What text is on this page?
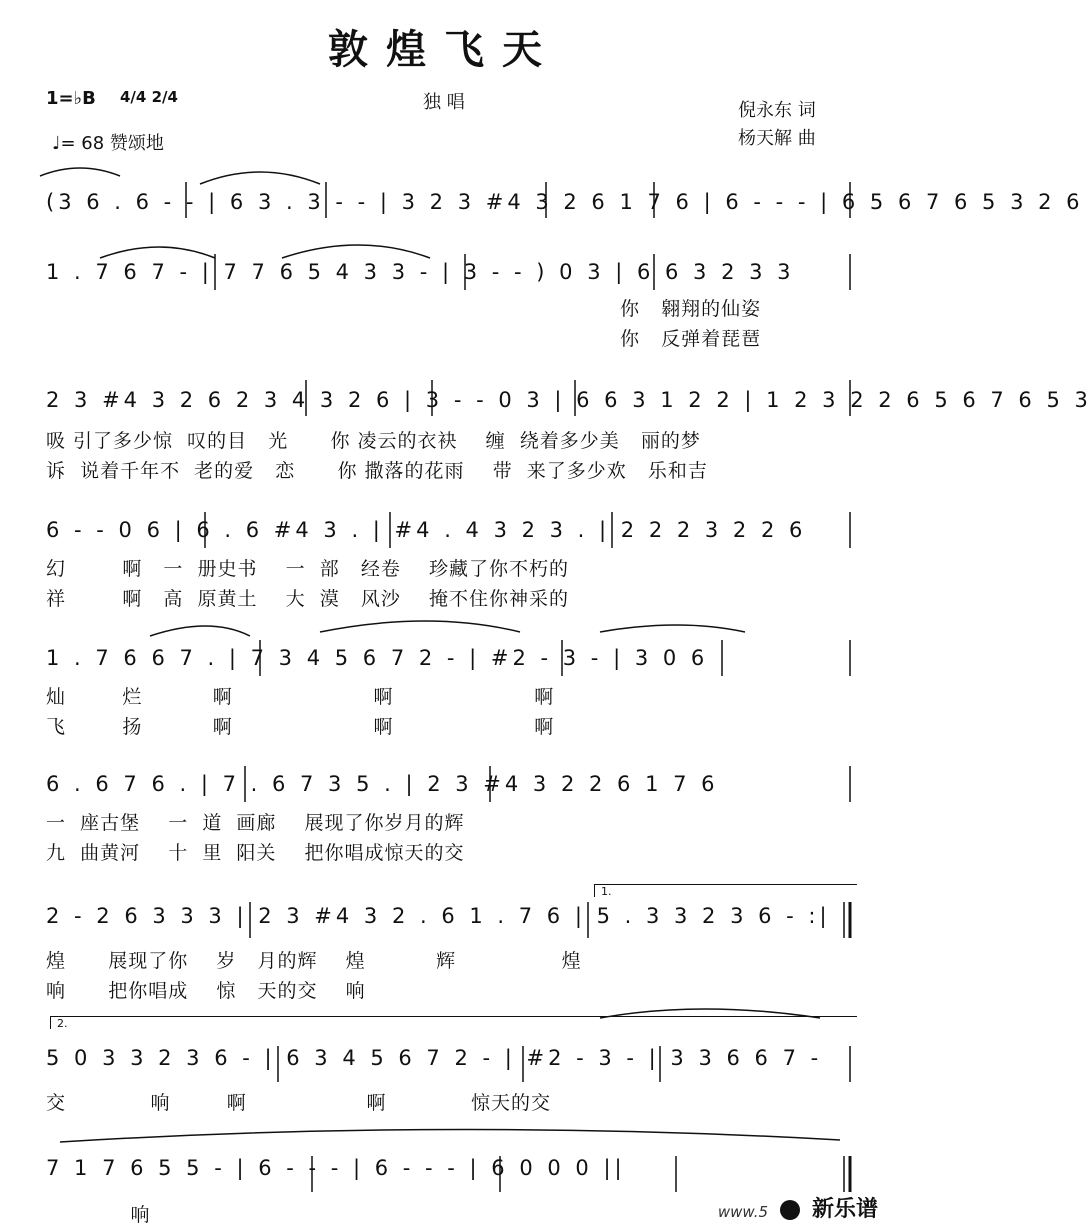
敦煌飞天
1=♭B 4/4 2/4	独 唱	倪永东 词
杨天解 曲
♩= 68 赞颂地
(3 6 . 6 - - | 6 3 . 3 - - | 3 2 3 #4 3 2 6 1 7 6 | 6 - - - | 6 5 6 7 6 5 3 2 6
1 . 7 6 7 - | 7 7 6 5 4 3 3 - | 3 - - ) 0 3 | 6 6 3 2 3 3
你   翱翔的仙姿
你   反弹着琵琶
2 3 #4 3 2 6 2 3 4 3 2 6 | 3 - - 0 3 | 6 6 3 1 2 2 | 1 2 3 2 2 6 5 6 7 6 5 3
吸 引了多少惊  叹的目   光      你 凌云的衣袂    缠  绕着多少美   丽的梦
诉  说着千年不  老的爱   恋      你 撒落的花雨    带  来了多少欢   乐和吉
6 - - 0 6 | 6 . 6 #4 3 . | #4 . 4 3 2 3 . | 2 2 2 3 2 2 6
幻        啊   一  册史书    一  部   经卷    珍藏了你不朽的
祥        啊   高  原黄土    大  漠   风沙    掩不住你神采的
1 . 7 6 6 7 . | 7 3 4 5 6 7 2 - | #2 - 3 - | 3 0 6
灿        烂          啊                    啊                    啊
飞        扬          啊                    啊                    啊
6 . 6 7 6 . | 7 . 6 7 3 5 . | 2 3 #4 3 2 2 6 1 7 6
一  座古堡    一  道  画廊    展现了你岁月的辉
九  曲黄河    十  里  阳关    把你唱成惊天的交
1.
2 - 2 6 3 3 3 | 2 3 #4 3 2 . 6 1 . 7 6 | 5 . 3 3 2 3 6 - :|
煌      展现了你    岁   月的辉    煌          辉               煌
响      把你唱成    惊   天的交    响
2.
5 0 3 3 2 3 6 - | 6 3 4 5 6 7 2 - | #2 - 3 - | 3 3 6 6 7 -
交            响        啊                 啊            惊天的交
7 1 7 6 5 5 - | 6 - - - | 6 - - - | 6 0 0 0 ||
响	www.5	新乐谱
